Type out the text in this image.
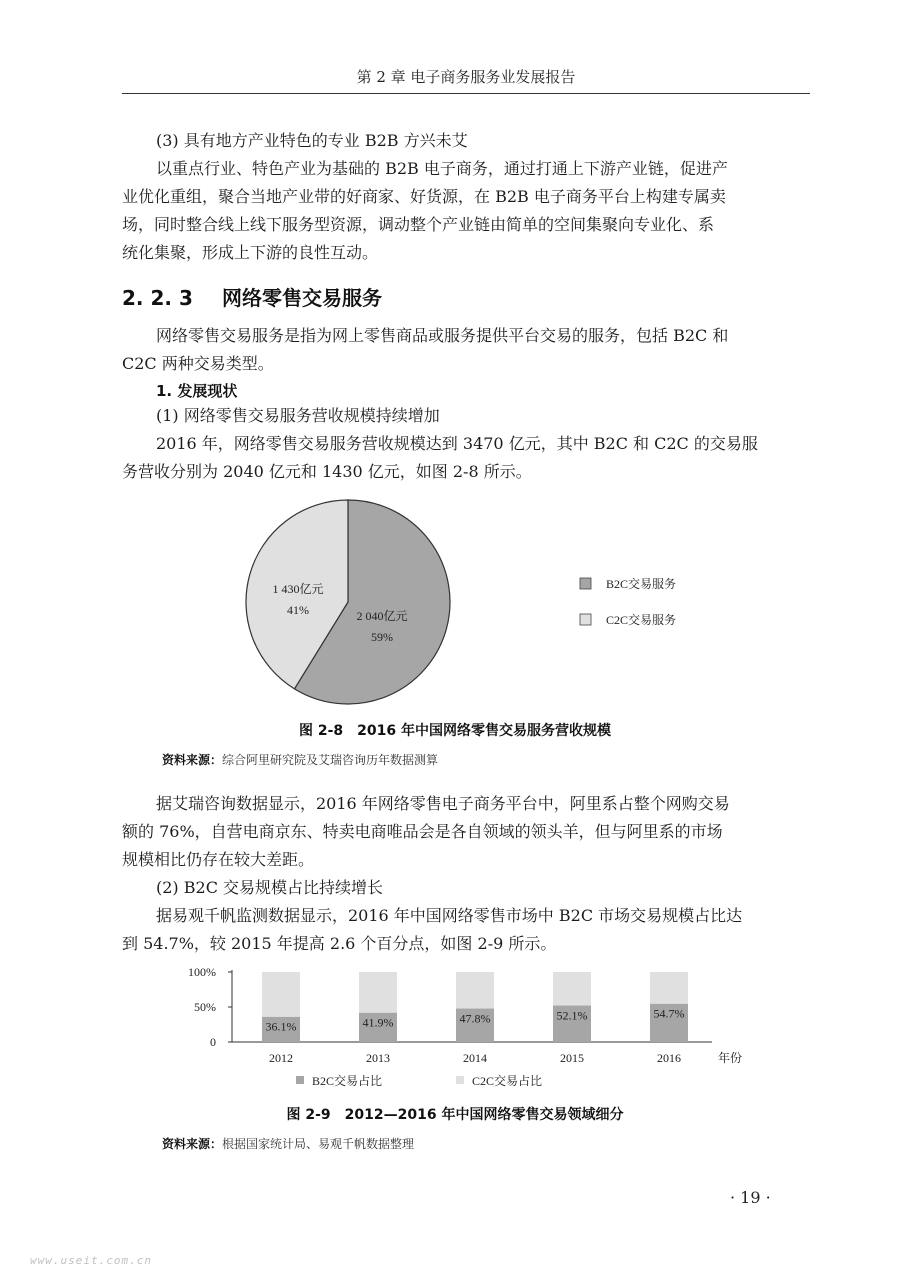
第 2 章 电子商务服务业发展报告
(3) 具有地方产业特色的专业 B2B 方兴未艾
以重点行业、特色产业为基础的 B2B 电子商务，通过打通上下游产业链，促进产
业优化重组，聚合当地产业带的好商家、好货源，在 B2B 电子商务平台上构建专属卖
场，同时整合线上线下服务型资源，调动整个产业链由简单的空间集聚向专业化、系
统化集聚，形成上下游的良性互动。
2. 2. 3 网络零售交易服务
网络零售交易服务是指为网上零售商品或服务提供平台交易的服务，包括 B2C 和
C2C 两种交易类型。
1. 发展现状
(1) 网络零售交易服务营收规模持续增加
2016 年，网络零售交易服务营收规模达到 3470 亿元，其中 B2C 和 C2C 的交易服
务营收分别为 2040 亿元和 1430 亿元，如图 2-8 所示。
2 040亿元
59%
1 430亿元
41%
B2C交易服务
C2C交易服务
图 2-8　2016 年中国网络零售交易服务营收规模
资料来源：综合阿里研究院及艾瑞咨询历年数据测算
据艾瑞咨询数据显示，2016 年网络零售电子商务平台中，阿里系占整个网购交易
额的 76%，自营电商京东、特卖电商唯品会是各自领域的领头羊，但与阿里系的市场
规模相比仍存在较大差距。
(2) B2C 交易规模占比持续增长
据易观千帆监测数据显示，2016 年中国网络零售市场中 B2C 市场交易规模占比达
到 54.7%，较 2015 年提高 2.6 个百分点，如图 2-9 所示。
0
50%
100%
2012	2013	2014	2015	2016	年份
36.1%	41.9%	47.8%	52.1%	54.7%
B2C交易占比	C2C交易占比
图 2-9　2012—2016 年中国网络零售交易领域细分
资料来源：根据国家统计局、易观千帆数据整理
· 19 ·
www.useit.com.cn
